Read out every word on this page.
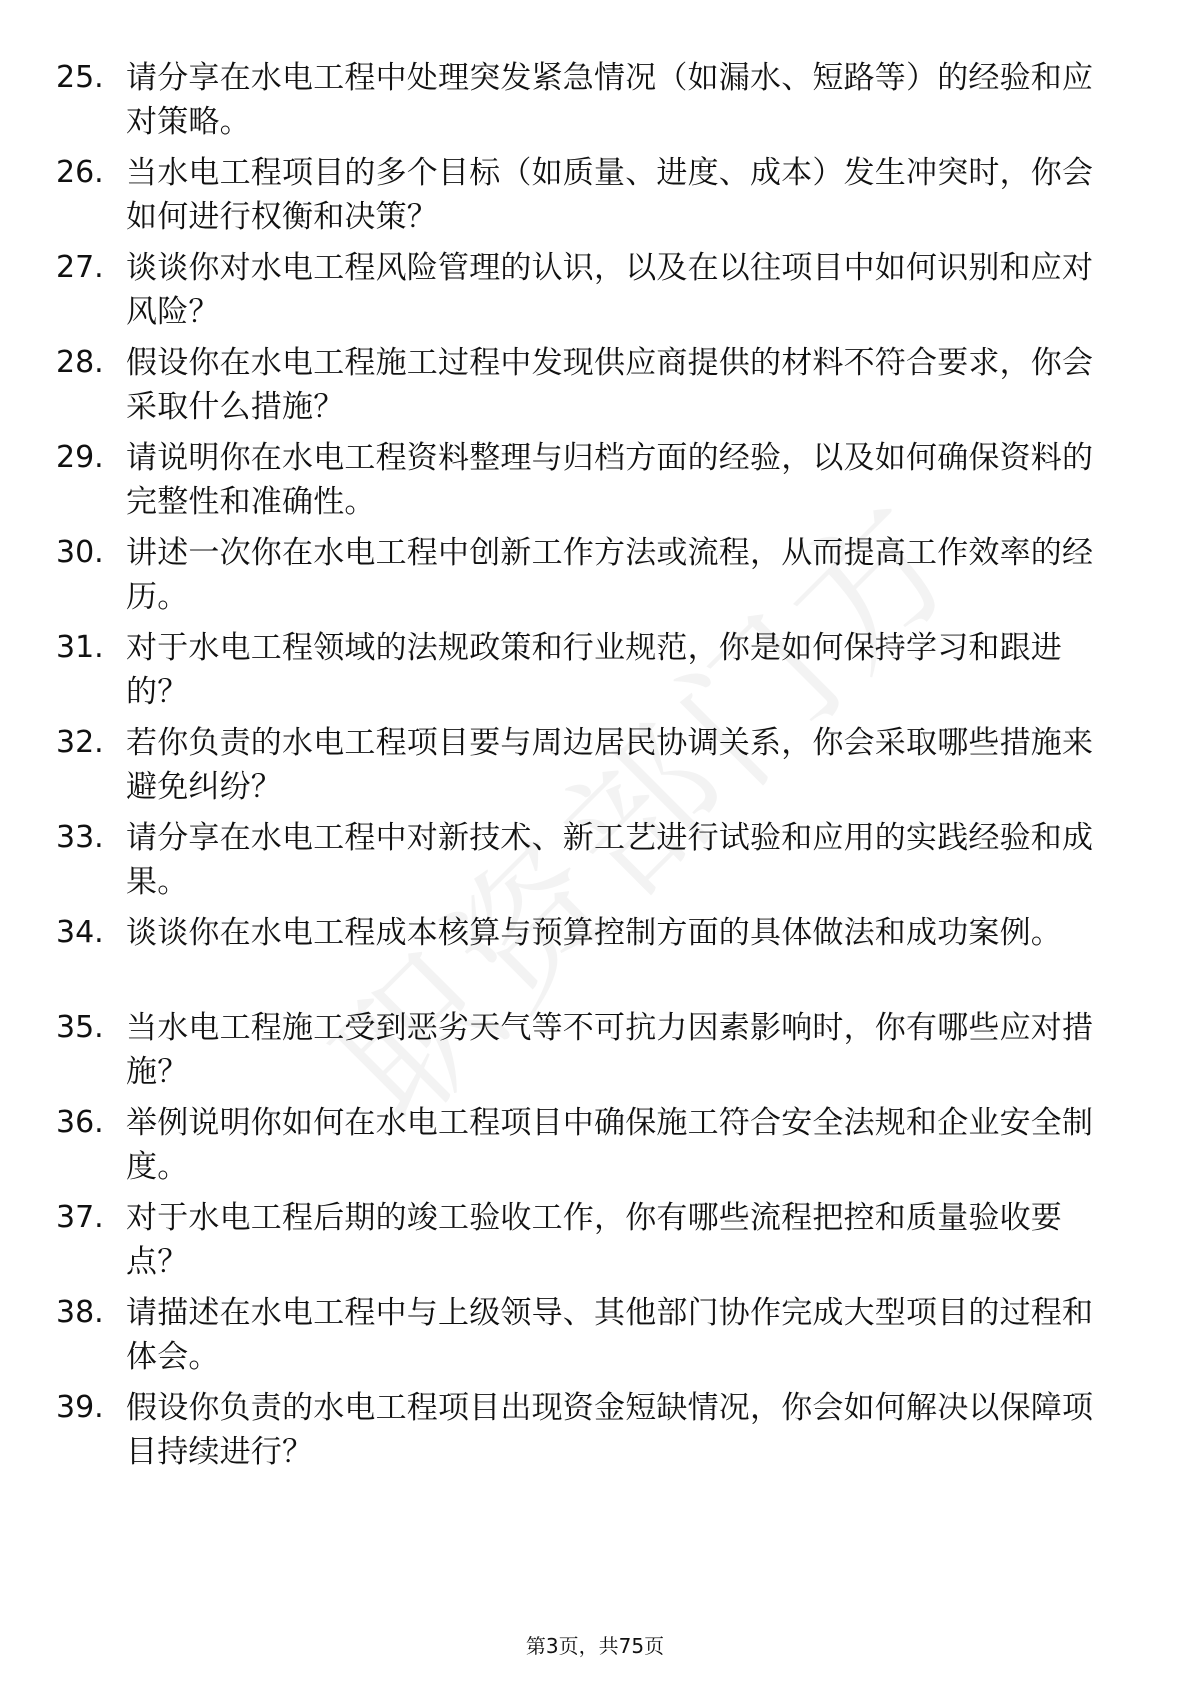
25. 请分享在水电工程中处理突发紧急情况（如漏水、短路等）的经验和应对策略。
26. 当水电工程项目的多个目标（如质量、进度、成本）发生冲突时，你会如何进行权衡和决策？
27. 谈谈你对水电工程风险管理的认识，以及在以往项目中如何识别和应对风险？
28. 假设你在水电工程施工过程中发现供应商提供的材料不符合要求，你会采取什么措施？
29. 请说明你在水电工程资料整理与归档方面的经验，以及如何确保资料的完整性和准确性。
30. 讲述一次你在水电工程中创新工作方法或流程，从而提高工作效率的经历。
31. 对于水电工程领域的法规政策和行业规范，你是如何保持学习和跟进的？
32. 若你负责的水电工程项目要与周边居民协调关系，你会采取哪些措施来避免纠纷？
33. 请分享在水电工程中对新技术、新工艺进行试验和应用的实践经验和成果。
34. 谈谈你在水电工程成本核算与预算控制方面的具体做法和成功案例。
35. 当水电工程施工受到恶劣天气等不可抗力因素影响时，你有哪些应对措施？
36. 举例说明你如何在水电工程项目中确保施工符合安全法规和企业安全制度。
37. 对于水电工程后期的竣工验收工作，你有哪些流程把控和质量验收要点？
38. 请描述在水电工程中与上级领导、其他部门协作完成大型项目的过程和体会。
39. 假设你负责的水电工程项目出现资金短缺情况，你会如何解决以保障项目持续进行？
第3页，共75页
